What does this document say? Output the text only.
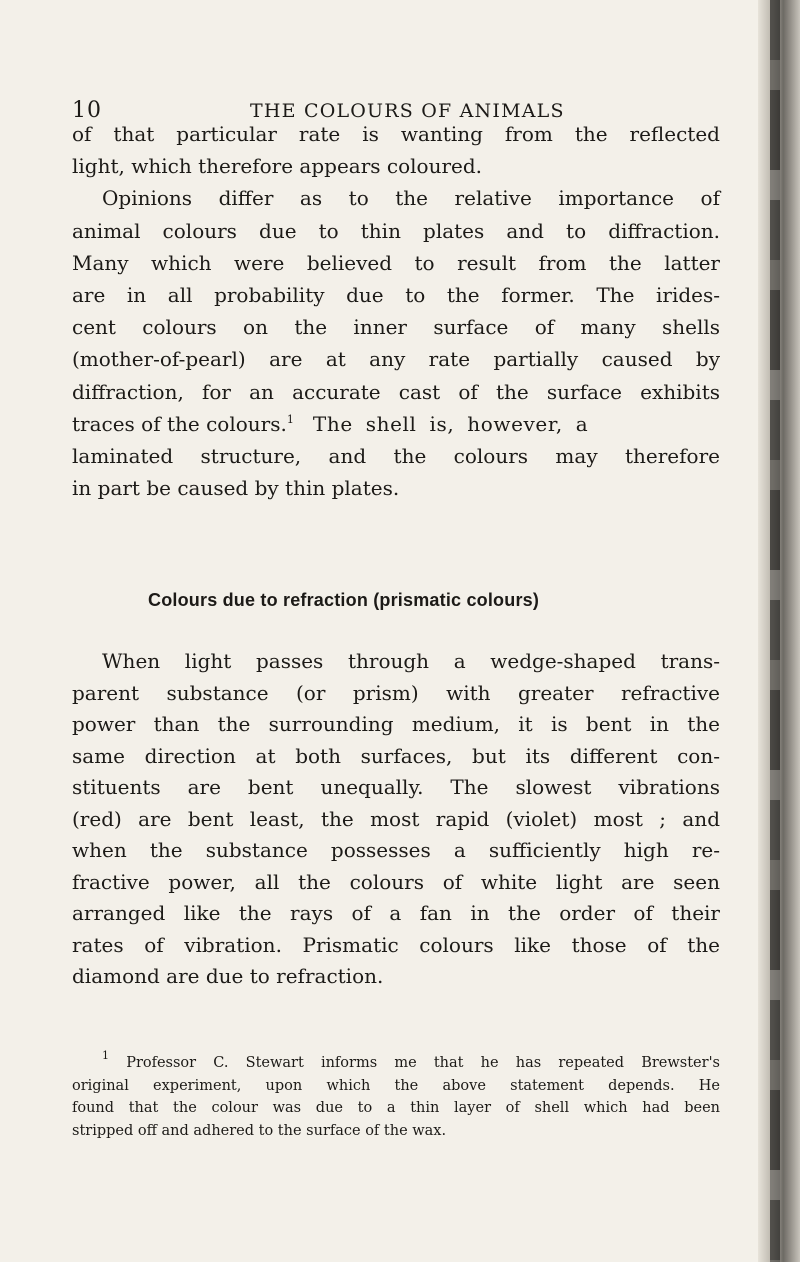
10	THE COLOURS OF ANIMALS
of that particular rate is wanting from the reflected
light, which therefore appears coloured.
Opinions differ as to the relative importance of
animal colours due to thin plates and to diffraction.
Many which were believed to result from the latter
are in all probability due to the former. The irides-
cent colours on the inner surface of many shells
(mother-of-pearl) are at any rate partially caused by
diffraction, for an accurate cast of the surface exhibits
traces of the colours.$^1$ The shell is, however, a
laminated structure, and the colours may therefore
in part be caused by thin plates.
Colours due to refraction (prismatic colours)
When light passes through a wedge-shaped trans-
parent substance (or prism) with greater refractive
power than the surrounding medium, it is bent in the
same direction at both surfaces, but its different con-
stituents are bent unequally. The slowest vibrations
(red) are bent least, the most rapid (violet) most ; and
when the substance possesses a sufficiently high re-
fractive power, all the colours of white light are seen
arranged like the rays of a fan in the order of their
rates of vibration. Prismatic colours like those of the
diamond are due to refraction.
$^1$ Professor C. Stewart informs me that he has repeated Brewster's
original experiment, upon which the above statement depends. He
found that the colour was due to a thin layer of shell which had been
stripped off and adhered to the surface of the wax.
